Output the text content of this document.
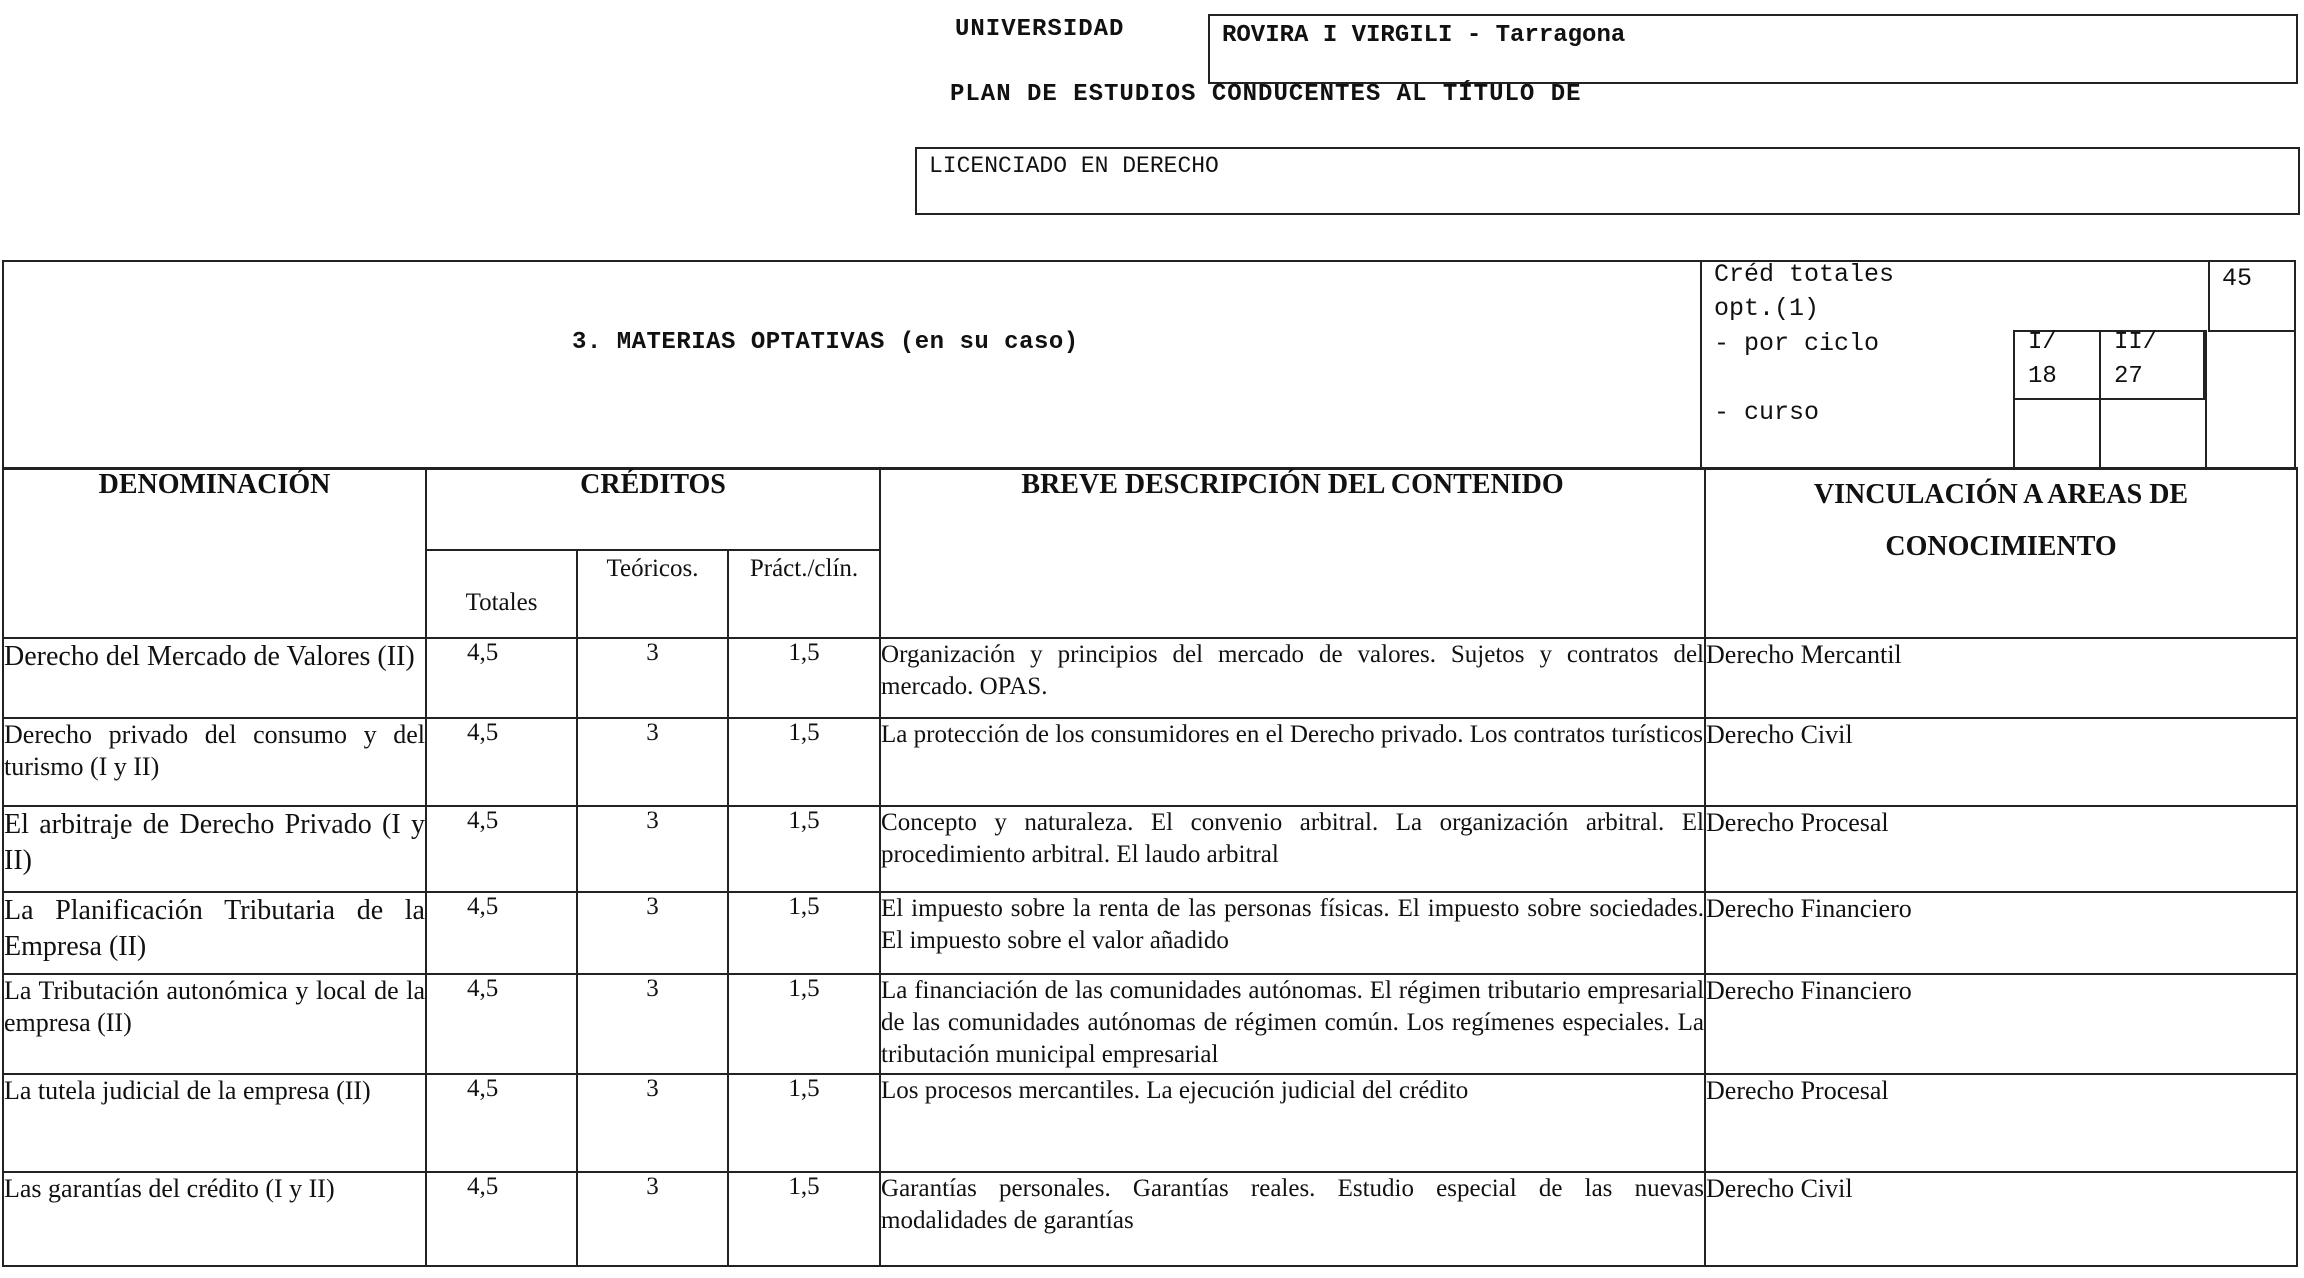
UNIVERSIDAD	ROVIRA I VIRGILI - Tarragona
PLAN DE ESTUDIOS CONDUCENTES AL TÍTULO DE
LICENCIADO EN DERECHO
3. MATERIAS OPTATIVAS (en su caso)
Créd totales
opt.(1)
45
- por ciclo	I/
18
II/
27
- curso
DENOMINACIÓN	CRÉDITOS			BREVE DESCRIPCIÓN DEL CONTENIDO	VINCULACIÓN A AREAS DE
CONOCIMIENTO

	Totales	Teóricos.	Práct./clín.		
Derecho del Mercado de Valores (II)	4,5	3	1,5	Organización y principios del mercado de valores. Sujetos y contratos del mercado. OPAS.	Derecho Mercantil
Derecho privado del consumo y del turismo (I y II)	4,5	3	1,5	La protección de los consumidores en el Derecho privado. Los contratos turísticos	Derecho Civil
El arbitraje de Derecho Privado (I y II)	4,5	3	1,5	Concepto y naturaleza. El convenio arbitral. La organización arbitral. El procedimiento arbitral. El laudo arbitral	Derecho Procesal
La Planificación Tributaria de la Empresa (II)	4,5	3	1,5	El impuesto sobre la renta de las personas físicas. El impuesto sobre sociedades. El impuesto sobre el valor añadido	Derecho Financiero
La Tributación autonómica y local de la empresa (II)	4,5	3	1,5	La financiación de las comunidades autónomas. El régimen tributario empresarial de las comunidades autónomas de régimen común. Los regímenes especiales. La tributación municipal empresarial	Derecho Financiero
La tutela judicial de la empresa (II)	4,5	3	1,5	Los procesos mercantiles. La ejecución judicial del crédito	Derecho Procesal
Las garantías del crédito (I y II)	4,5	3	1,5	Garantías personales. Garantías reales. Estudio especial de las nuevas modalidades de garantías	Derecho Civil
